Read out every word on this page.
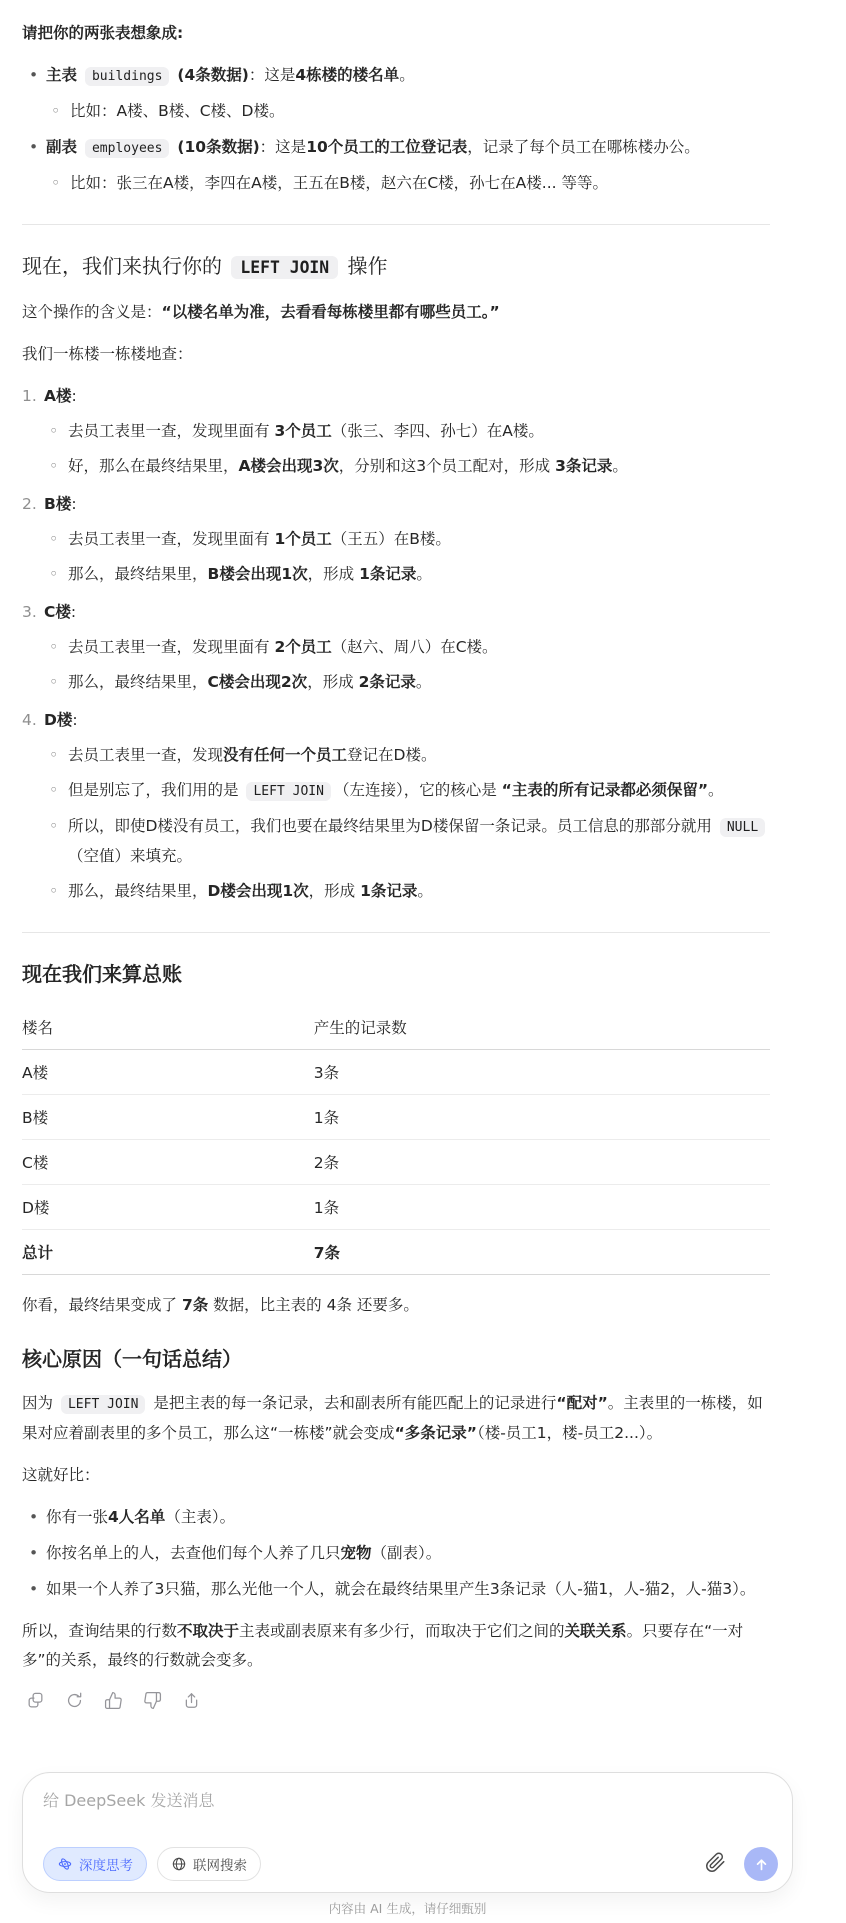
请把你的两张表想象成:

• 主表 buildings (4条数据)：这是4栋楼的楼名单。
◦ 比如：A楼、B楼、C楼、D楼。
• 副表 employees (10条数据)：这是10个员工的工位登记表，记录了每个员工在哪栋楼办公。
◦ 比如：张三在A楼，李四在A楼，王五在B楼，赵六在C楼，孙七在A楼... 等等。
现在，我们来执行你的 LEFT JOIN 操作

这个操作的含义是：“以楼名单为准，去看看每栋楼里都有哪些员工。”

我们一栋楼一栋楼地查：

A楼:
◦ 去员工表里一查，发现里面有 3个员工（张三、李四、孙七）在A楼。
◦ 好，那么在最终结果里，A楼会出现3次，分别和这3个员工配对，形成 3条记录。
B楼:
◦ 去员工表里一查，发现里面有 1个员工（王五）在B楼。
◦ 那么，最终结果里，B楼会出现1次，形成 1条记录。
C楼:
◦ 去员工表里一查，发现里面有 2个员工（赵六、周八）在C楼。
◦ 那么，最终结果里，C楼会出现2次，形成 2条记录。
D楼:
◦ 去员工表里一查，发现没有任何一个员工登记在D楼。
◦ 但是别忘了，我们用的是 LEFT JOIN （左连接），它的核心是 “主表的所有记录都必须保留”。
◦ 所以，即使D楼没有员工，我们也要在最终结果里为D楼保留一条记录。员工信息的那部分就用 NULL（空值）来填充。
◦ 那么，最终结果里，D楼会出现1次，形成 1条记录。
现在我们来算总账
楼名	产生的记录数
A楼	3条
B楼	1条
C楼	2条
D楼	1条
总计	7条

你看，最终结果变成了 7条 数据，比主表的 4条 还要多。

核心原因（一句话总结）

因为 LEFT JOIN 是把主表的每一条记录，去和副表所有能匹配上的记录进行“配对”。主表里的一栋楼，如果对应着副表里的多个员工，那么这“一栋楼”就会变成“多条记录”（楼-员工1，楼-员工2...）。

这就好比：

• 你有一张4人名单（主表）。
• 你按名单上的人，去查他们每个人养了几只宠物（副表）。
• 如果一个人养了3只猫，那么光他一个人，就会在最终结果里产生3条记录（人-猫1，人-猫2，人-猫3）。

所以，查询结果的行数不取决于主表或副表原来有多少行，而取决于它们之间的关联关系。只要存在“一对多”的关系，最终的行数就会变多。

给 DeepSeek 发送消息
深度思考	联网搜索
内容由 AI 生成，请仔细甄别
